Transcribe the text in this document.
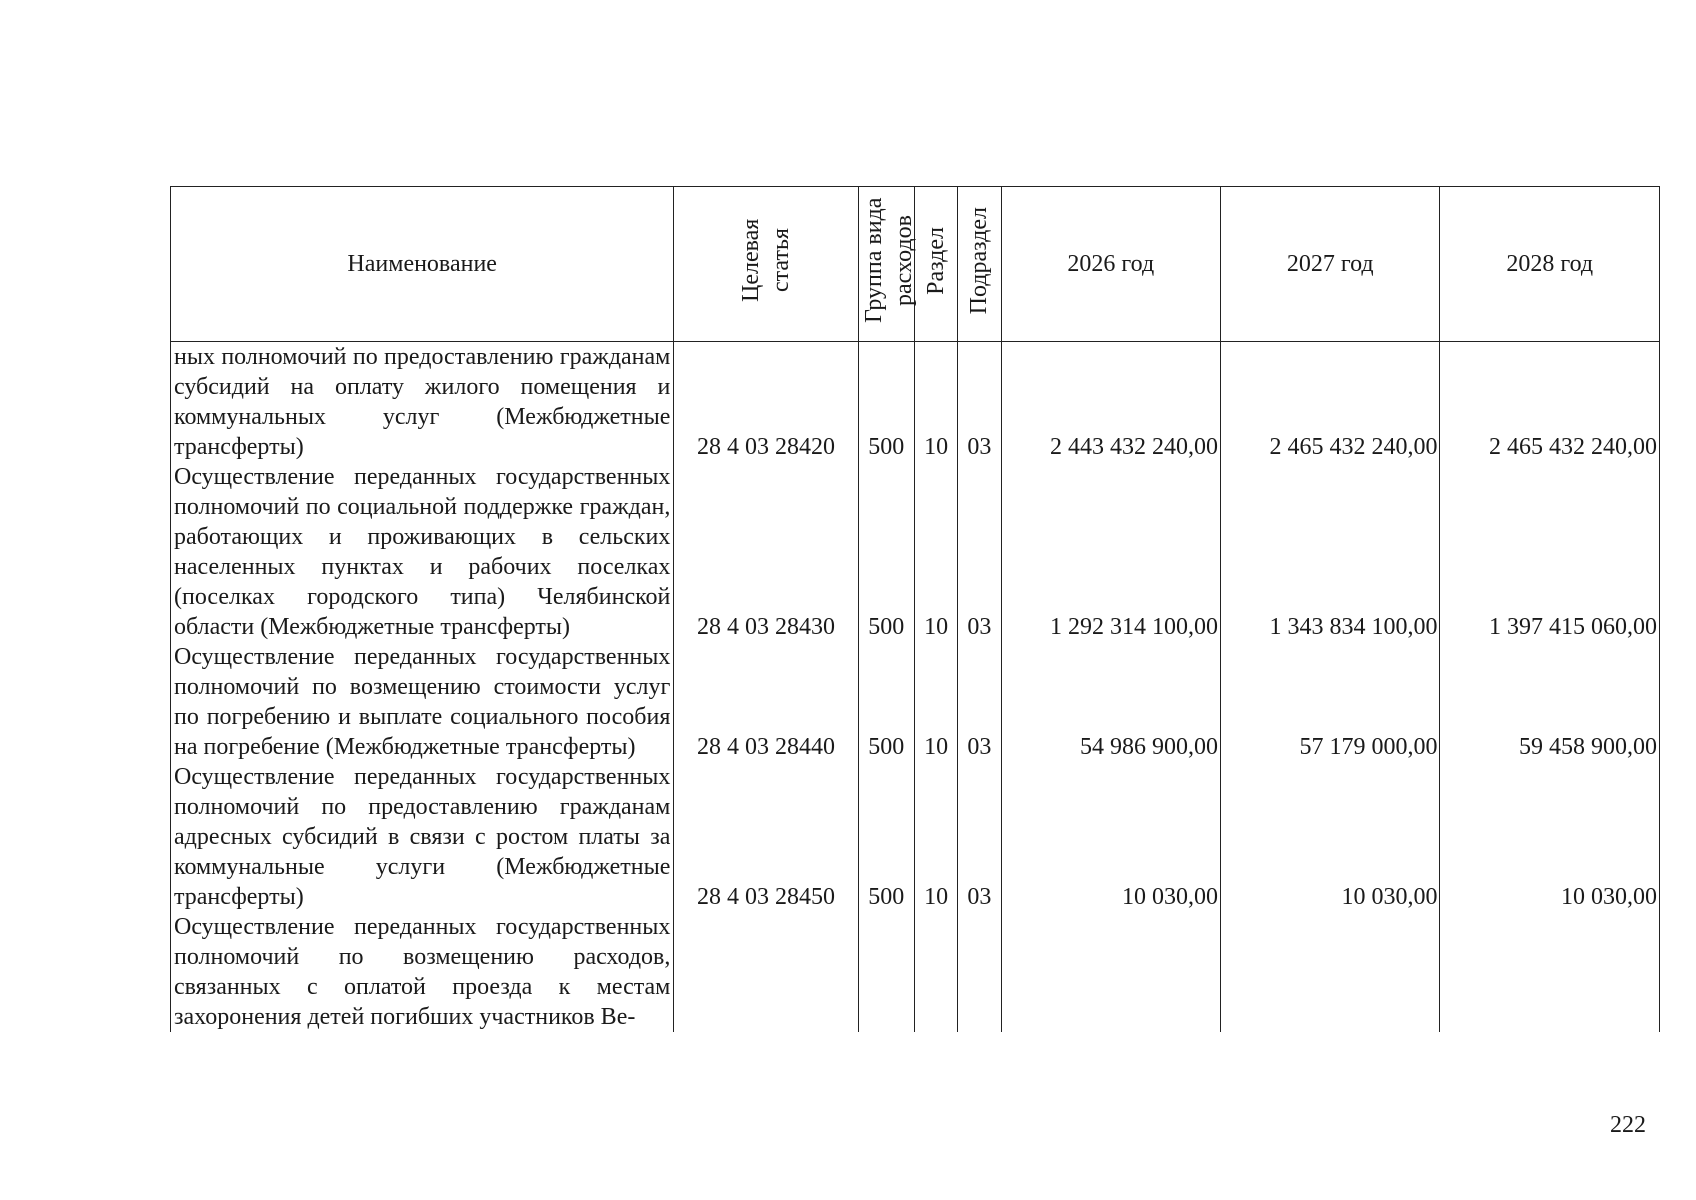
Наименование	Целевая статья	Группа вида расходов	Раздел	Подраздел	2026 год	2027 год	2028 год
ных полномочий по предоставлению гражданам субсидий на оплату жилого помещения и коммунальных услуг (Межбюджетные трансферты)	28 4 03 28420	500	10	03	2 443 432 240,00	2 465 432 240,00	2 465 432 240,00
Осуществление переданных государственных полномочий по социальной поддержке граждан, работающих и проживающих в сельских населенных пунктах и рабочих поселках (поселках городского типа) Челябинской области (Межбюджетные трансферты)	28 4 03 28430	500	10	03	1 292 314 100,00	1 343 834 100,00	1 397 415 060,00
Осуществление переданных государственных полномочий по возмещению стоимости услуг по погребению и выплате социального пособия на погребение (Межбюджетные трансферты)	28 4 03 28440	500	10	03	54 986 900,00	57 179 000,00	59 458 900,00
Осуществление переданных государственных полномочий по предоставлению гражданам адресных субсидий в связи с ростом платы за коммунальные услуги (Межбюджетные трансферты)	28 4 03 28450	500	10	03	10 030,00	10 030,00	10 030,00
Осуществление переданных государственных полномочий по возмещению расходов, связанных с оплатой проезда к местам захоронения детей погибших участников Ве-							
222
